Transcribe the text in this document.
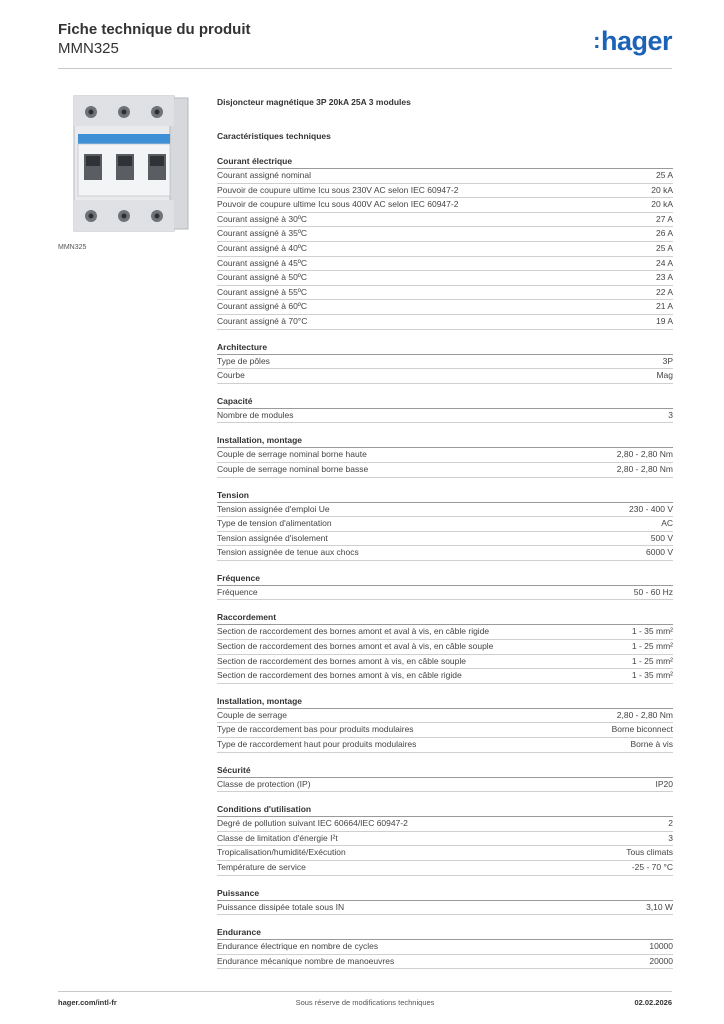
Fiche technique du produit
MMN325	:hager
MMN325
Disjoncteur magnétique 3P 20kA 25A 3 modules
Caractéristiques techniques
Courant électrique
Courant assigné nominal	25 A
Pouvoir de coupure ultime Icu sous 230V AC selon IEC 60947-2	20 kA
Pouvoir de coupure ultime Icu sous 400V AC selon IEC 60947-2	20 kA
Courant assigné à 30ºC	27 A
Courant assigné à 35ºC	26 A
Courant assigné à 40ºC	25 A
Courant assigné à 45ºC	24 A
Courant assigné à 50ºC	23 A
Courant assigné à 55ºC	22 A
Courant assigné à 60ºC	21 A
Courant assigné à 70°C	19 A
Architecture
Type de pôles	3P
Courbe	Mag
Capacité
Nombre de modules	3
Installation, montage
Couple de serrage nominal borne haute	2,80 - 2,80 Nm
Couple de serrage nominal borne basse	2,80 - 2,80 Nm
Tension
Tension assignée d'emploi Ue	230 - 400 V
Type de tension d'alimentation	AC
Tension assignée d'isolement	500 V
Tension assignée de tenue aux chocs	6000 V
Fréquence
Fréquence	50 - 60 Hz
Raccordement
Section de raccordement des bornes amont et aval à vis, en câble rigide	1 - 35 mm²
Section de raccordement des bornes amont et aval à vis, en câble souple	1 - 25 mm²
Section de raccordement des bornes amont à vis, en câble souple	1 - 25 mm²
Section de raccordement des bornes amont à vis, en câble rigide	1 - 35 mm²
Installation, montage
Couple de serrage	2,80 - 2,80 Nm
Type de raccordement bas pour produits modulaires	Borne biconnect
Type de raccordement haut pour produits modulaires	Borne à vis
Sécurité
Classe de protection (IP)	IP20
Conditions d'utilisation
Degré de pollution suivant IEC 60664/IEC 60947-2	2
Classe de limitation d'énergie I²t	3
Tropicalisation/humidité/Exécution	Tous climats
Température de service	-25 - 70 °C
Puissance
Puissance dissipée totale sous IN	3,10 W
Endurance
Endurance électrique en nombre de cycles	10000
Endurance mécanique nombre de manoeuvres	20000
Sous réserve de modifications techniques
hager.com/intl-fr	02.02.2026
